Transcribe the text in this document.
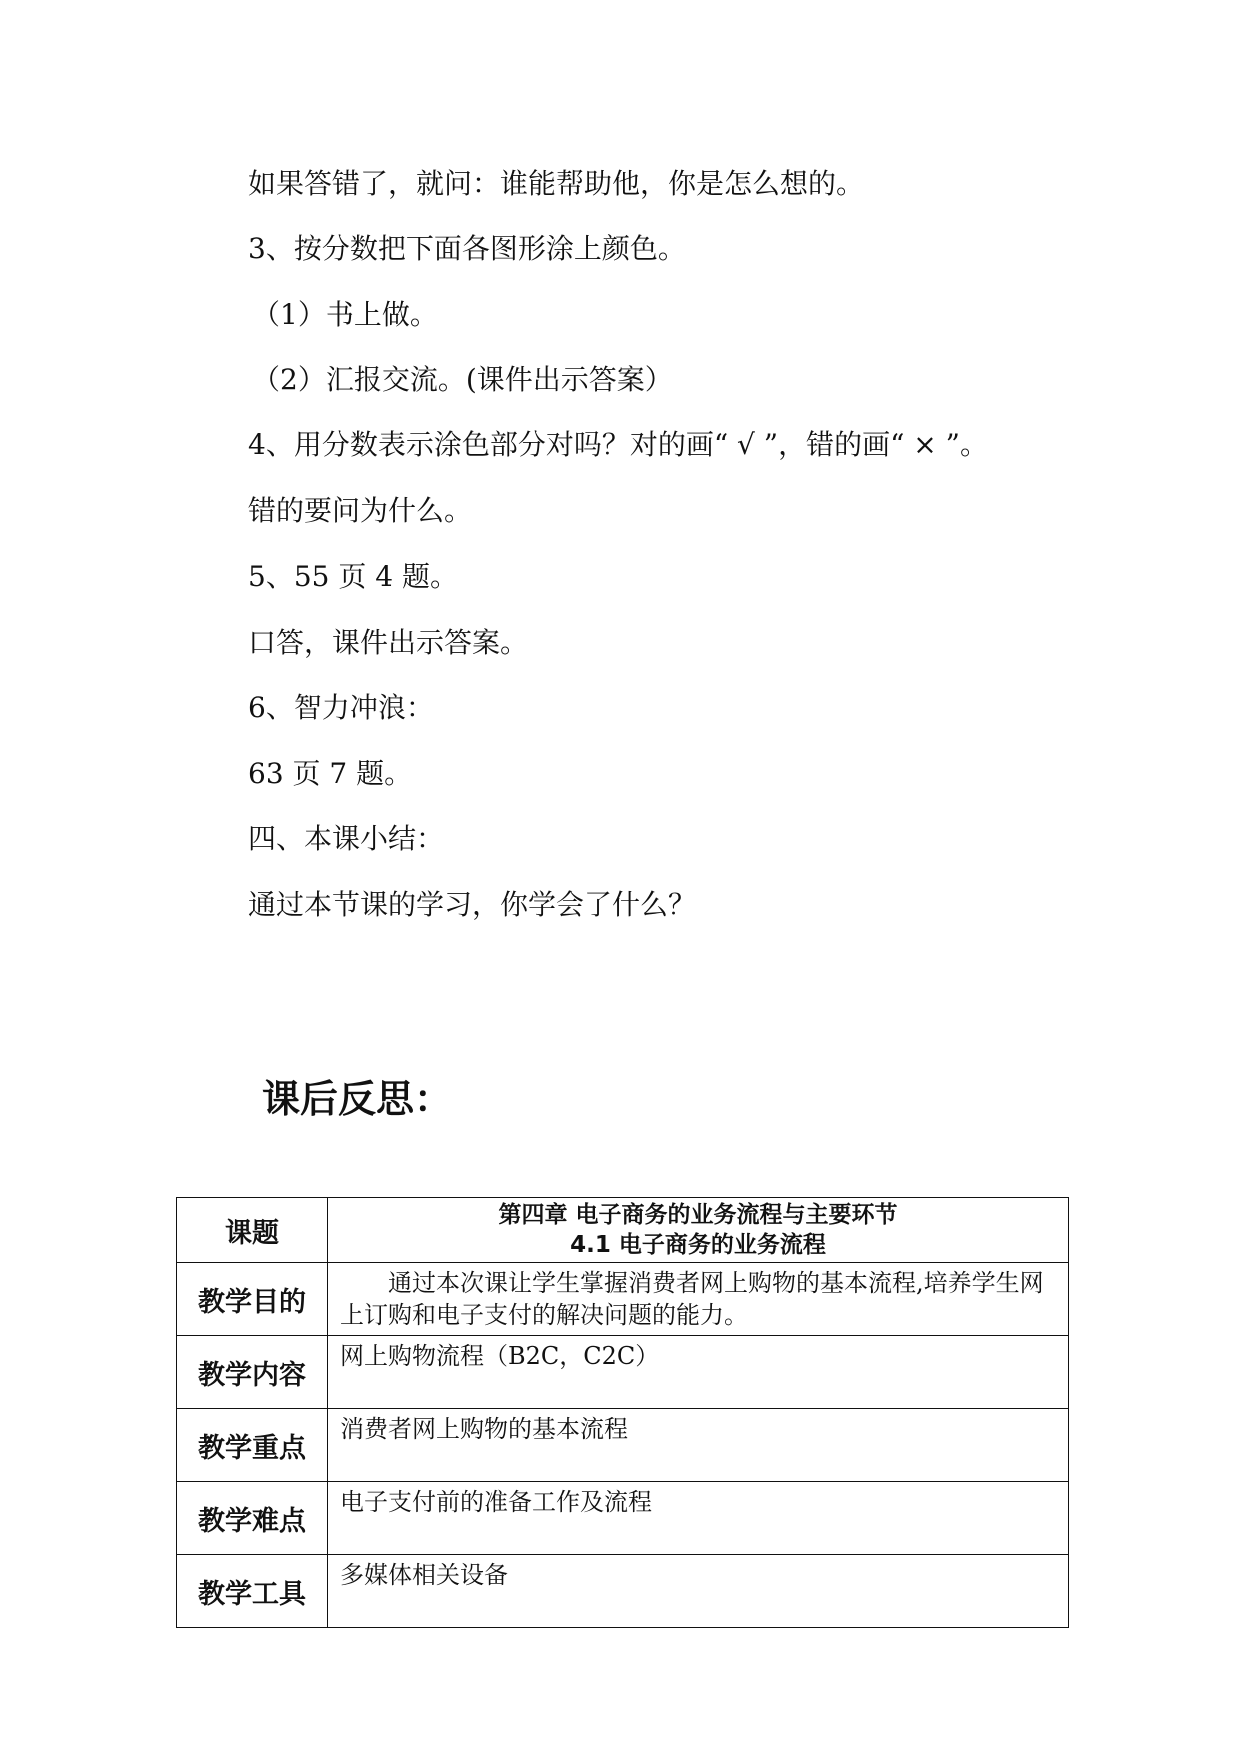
如果答错了，就问：谁能帮助他，你是怎么想的。
3、按分数把下面各图形涂上颜色。
（1）书上做。
（2）汇报交流。(课件出示答案）
4、用分数表示涂色部分对吗？对的画“ √ ”，错的画“ × ”。
错的要问为什么。
5、55 页 4 题。
口答，课件出示答案。
6、智力冲浪：
63 页 7 题。
四、本课小结：
通过本节课的学习，你学会了什么？
课后反思：
课题	第四章 电子商务的业务流程与主要环节
4.1 电子商务的业务流程

教学目的	通过本次课让学生掌握消费者网上购物的基本流程,培养学生网上订购和电子支付的解决问题的能力。
教学内容	网上购物流程（B2C，C2C）
教学重点	消费者网上购物的基本流程
教学难点	电子支付前的准备工作及流程
教学工具	多媒体相关设备
